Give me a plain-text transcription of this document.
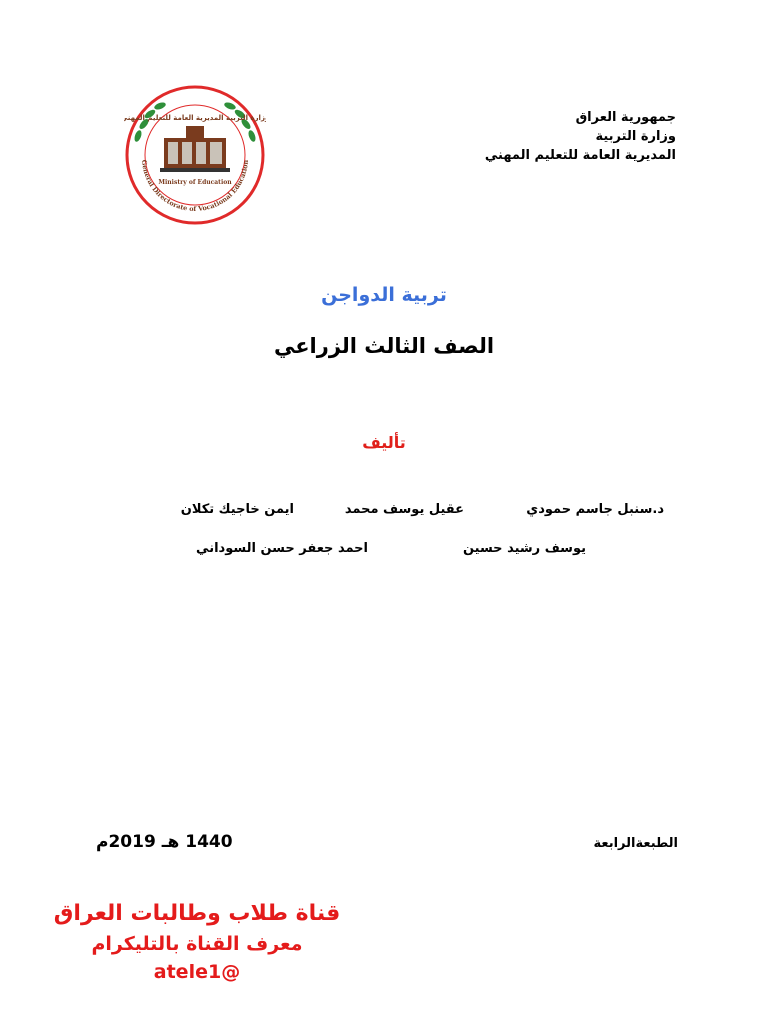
جمهورية العراق
وزارة التربية
المديرية العامة للتعليم المهني
وزارة التربية المديرية العامة للتعليم المهني
Ministry of Education
General Directorate of Vocational Education
تربية الدواجن
الصف الثالث الزراعي
تأليف
د.سنبل جاسم حمودي
عقيل يوسف محمد
ايمن خاجيك تكلان
يوسف رشيد حسين
احمد جعفر حسن السوداني
الطبعةالرابعة
1440 هـ 2019م
قناة طلاب وطالبات العراق
معرف القناة بالتليكرام @atele1
